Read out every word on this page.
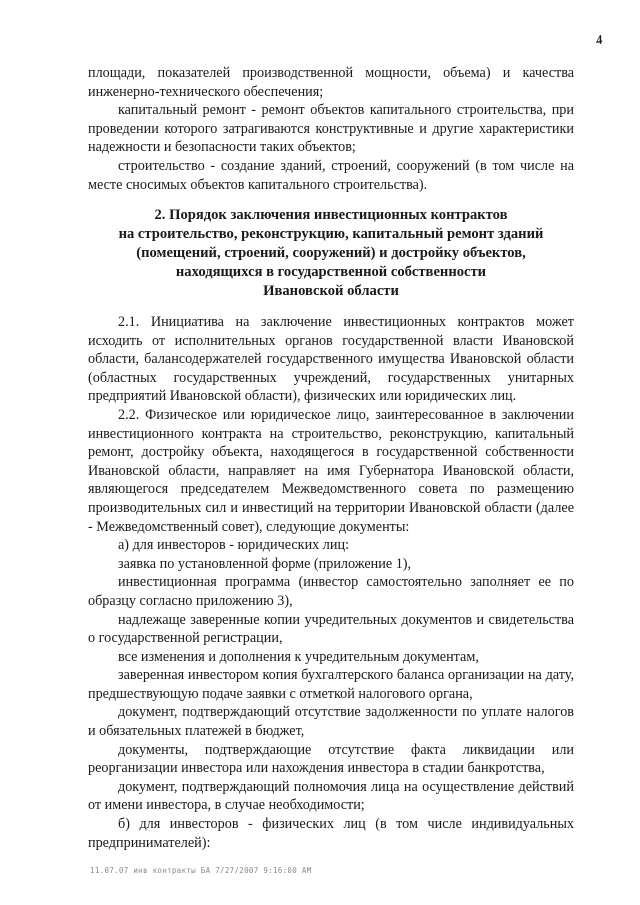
4

площади, показателей производственной мощности, объема) и качества инженерно-технического обеспечения;

капитальный ремонт - ремонт объектов капитального строительства, при проведении которого затрагиваются конструктивные и другие характеристики надежности и безопасности таких объектов;

строительство - создание зданий, строений, сооружений (в том числе на месте сносимых объектов капитального строительства).

2. Порядок заключения инвестиционных контрактов
на строительство, реконструкцию, капитальный ремонт зданий
(помещений, строений, сооружений) и достройку объектов,
находящихся в государственной собственности
Ивановской области

2.1. Инициатива на заключение инвестиционных контрактов может исходить от исполнительных органов государственной власти Ивановской области, балансодержателей государственного имущества Ивановской области (областных государственных учреждений, государственных унитарных предприятий Ивановской области), физических или юридических лиц.

2.2. Физическое или юридическое лицо, заинтересованное в заключении инвестиционного контракта на строительство, реконструкцию, капитальный ремонт, достройку объекта, находящегося в государственной собственности Ивановской области, направляет на имя Губернатора Ивановской области, являющегося председателем Межведомственного совета по размещению производительных сил и инвестиций на территории Ивановской области (далее - Межведомственный совет), следующие документы:

а) для инвесторов - юридических лиц:

заявка по установленной форме (приложение 1),

инвестиционная программа (инвестор самостоятельно заполняет ее по образцу согласно приложению 3),

надлежаще заверенные копии учредительных документов и свидетельства о государственной регистрации,

все изменения и дополнения к учредительным документам,

заверенная инвестором копия бухгалтерского баланса организации на дату, предшествующую подаче заявки с отметкой налогового органа,

документ, подтверждающий отсутствие задолженности по уплате налогов и обязательных платежей в бюджет,

документы, подтверждающие отсутствие факта ликвидации или реорганизации инвестора или нахождения инвестора в стадии банкротства,

документ, подтверждающий полномочия лица на осуществление действий от имени инвестора, в случае необходимости;

б) для инвесторов - физических лиц (в том числе индивидуальных предпринимателей):

11.07.07 инв контракты БА 7/27/2007 9:16:00 AM
